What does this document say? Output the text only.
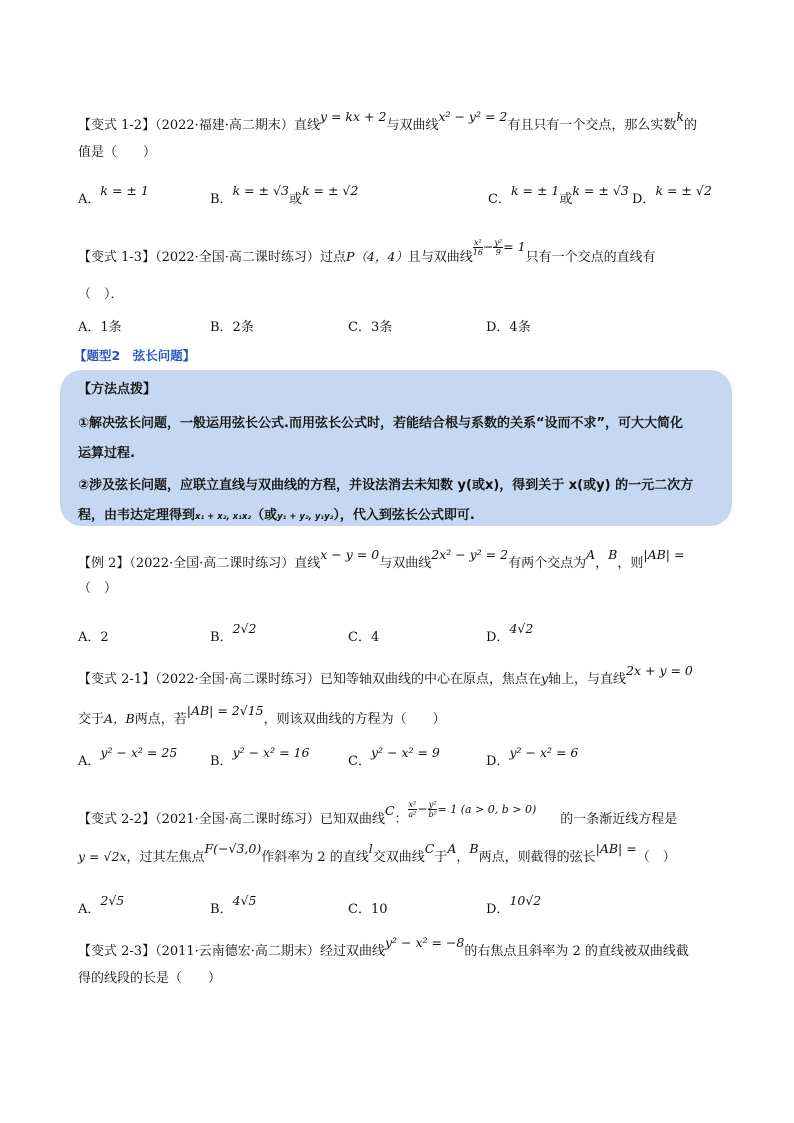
【变式 1-2】（2022·福建·高二期末）直线y = kx + 2与双曲线x² − y² = 2有且只有一个交点，那么实数k的
值是（　　）
A．k = ± 1
B．k = ± √3或k = ± √2
C．k = ± 1或k = ± √3
D．k = ± √2
【变式 1-3】（2022·全国·高二课时练习）过点P（4，4）且与双曲线
$\frac{\text{x²}}{16} - \frac{\text{y²}}{9} = 1$只有一个交点的直线有
（　）．
A．1条	B．2条	C．3条	D．4条
【题型2　弦长问题】
【方法点拨】
①解决弦长问题，一般运用弦长公式.而用弦长公式时，若能结合根与系数的关系“设而不求”，可大大简化
运算过程.
②涉及弦长问题，应联立直线与双曲线的方程，并设法消去未知数 y(或x)，得到关于 x(或y) 的一元二次方
程，由韦达定理得到x₁ + x₂, x₁x₂（或y₁ + y₂, y₁y₂），代入到弦长公式即可.
【例 2】（2022·全国·高二课时练习）直线x − y = 0与双曲线2x² − y² = 2有两个交点为A，B，则|AB| =
（　）
A．2	B．2√2
C．4	D．4√2
【变式 2-1】（2022·全国·高二课时练习）已知等轴双曲线的中心在原点，焦点在y轴上，与直线2x + y = 0
交于A，B两点，若|AB| = 2√15，则该双曲线的方程为（　　）
A．y² − x² = 25
B．y² − x² = 16
C．y² − x² = 9
D．y² − x² = 6
【变式 2-2】（2021·全国·高二课时练习）已知双曲线C：
$\frac{\text{x²}}{\text{a²}} - \frac{\text{y²}}{\text{b²}} = 1$ (a > 0, b > 0)的一条渐近线方程是
y = √2x，过其左焦点F(−√3,0)作斜率为 2 的直线l交双曲线C于A，B两点，则截得的弦长|AB| =（　）
A．2√5
B．4√5
C．10	D．10√2
【变式 2-3】（2011·云南德宏·高二期末）经过双曲线y² − x² = −8的右焦点且斜率为 2 的直线被双曲线截
得的线段的长是（　　）
